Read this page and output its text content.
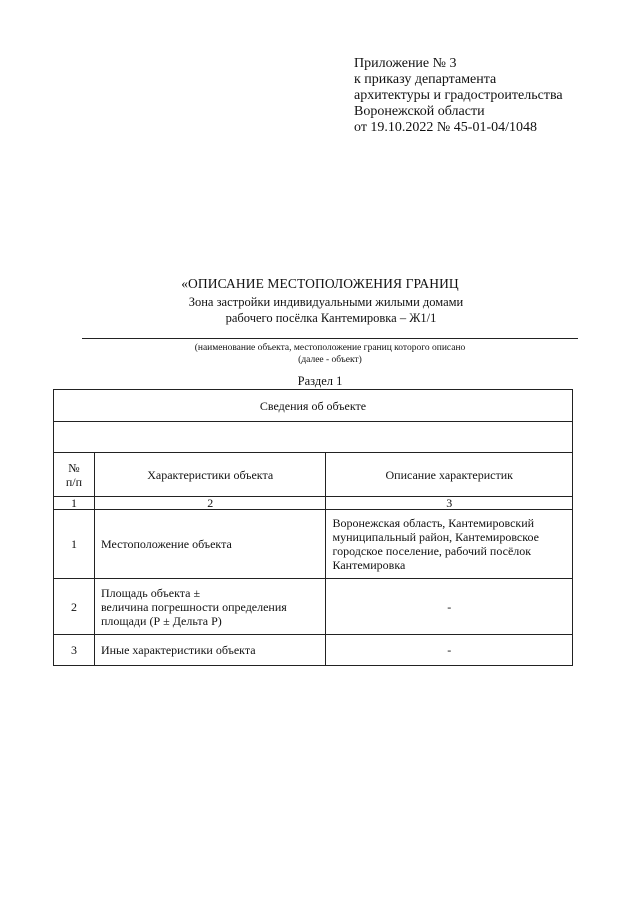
Приложение № 3
к приказу департамента
архитектуры и градостроительства
Воронежской области
от 19.10.2022 № 45-01-04/1048
«ОПИСАНИЕ МЕСТОПОЛОЖЕНИЯ ГРАНИЦ
Зона застройки индивидуальными жилыми домами
рабочего посёлка Кантемировка – Ж1/1
(наименование объекта, местоположение границ которого описано
(далее - объект)
Раздел 1
Сведения об объекте		

№
п/п	Характеристики объекта	Описание характеристик
1	2	3
1	Местоположение объекта	Воронежская область, Кантемировский муниципальный район, Кантемировское городское поселение, рабочий посёлок Кантемировка
2	Площадь объекта ±
величина погрешности определения
площади (Р ± Дельта Р)	-
3	Иные характеристики объекта	-
